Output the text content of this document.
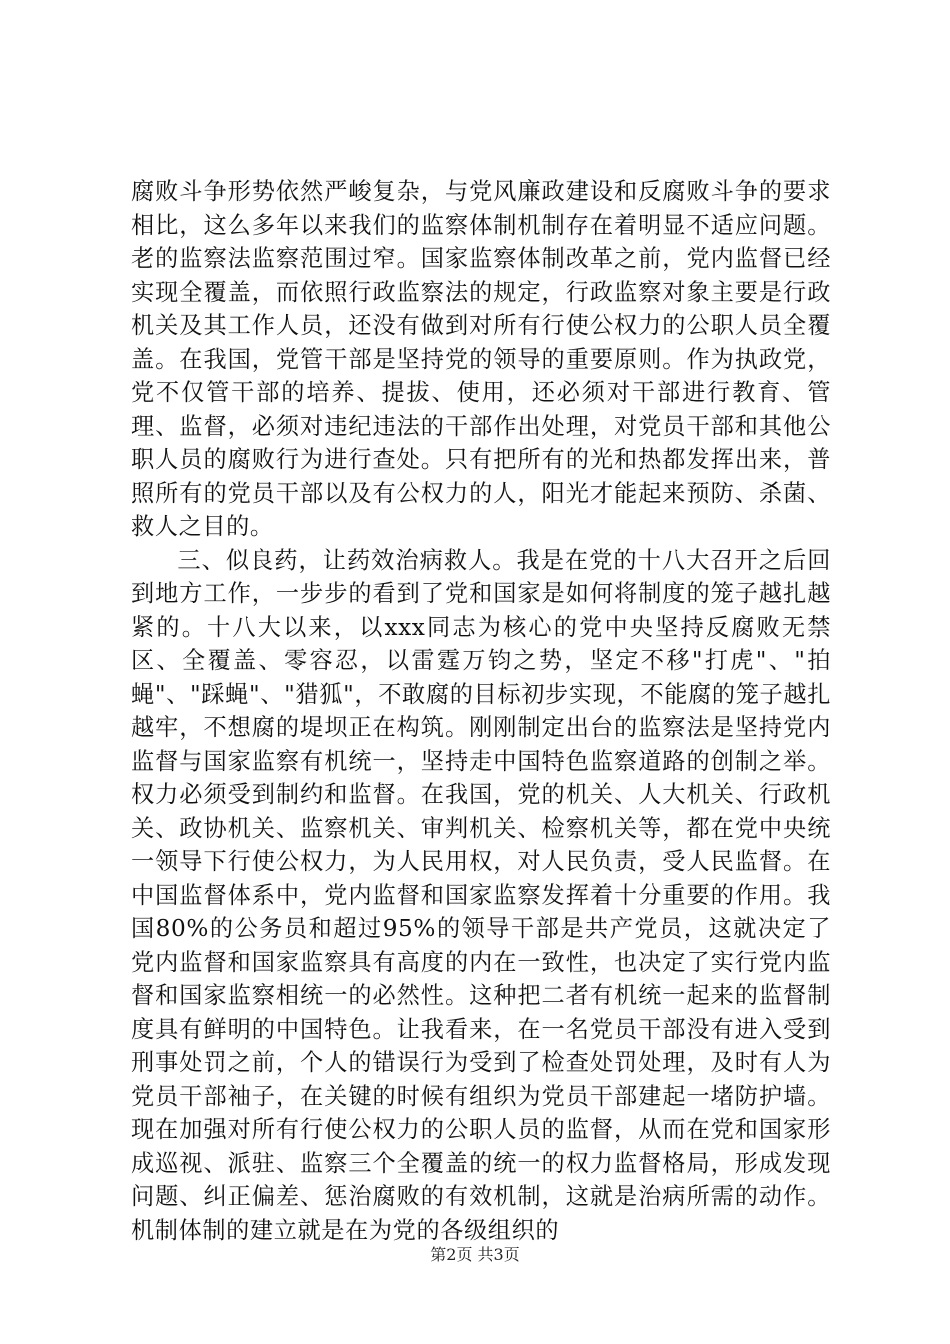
腐败斗争形势依然严峻复杂，与党风廉政建设和反腐败斗争的要求相比，这么多年以来我们的监察体制机制存在着明显不适应问题。老的监察法监察范围过窄。国家监察体制改革之前，党内监督已经实现全覆盖，而依照行政监察法的规定，行政监察对象主要是行政机关及其工作人员，还没有做到对所有行使公权力的公职人员全覆盖。在我国，党管干部是坚持党的领导的重要原则。作为执政党，党不仅管干部的培养、提拔、使用，还必须对干部进行教育、管理、监督，必须对违纪违法的干部作出处理，对党员干部和其他公职人员的腐败行为进行查处。只有把所有的光和热都发挥出来，普照所有的党员干部以及有公权力的人，阳光才能起来预防、杀菌、救人之目的。

三、似良药，让药效治病救人。我是在党的十八大召开之后回到地方工作，一步步的看到了党和国家是如何将制度的笼子越扎越紧的。十八大以来，以xxx同志为核心的党中央坚持反腐败无禁区、全覆盖、零容忍，以雷霆万钧之势，坚定不移"打虎"、"拍蝇"、"踩蝇"、"猎狐"，不敢腐的目标初步实现，不能腐的笼子越扎越牢，不想腐的堤坝正在构筑。刚刚制定出台的监察法是坚持党内监督与国家监察有机统一，坚持走中国特色监察道路的创制之举。权力必须受到制约和监督。在我国，党的机关、人大机关、行政机关、政协机关、监察机关、审判机关、检察机关等，都在党中央统一领导下行使公权力，为人民用权，对人民负责，受人民监督。在中国监督体系中，党内监督和国家监察发挥着十分重要的作用。我国80%的公务员和超过95%的领导干部是共产党员，这就决定了党内监督和国家监察具有高度的内在一致性，也决定了实行党内监督和国家监察相统一的必然性。这种把二者有机统一起来的监督制度具有鲜明的中国特色。让我看来，在一名党员干部没有进入受到刑事处罚之前，个人的错误行为受到了检查处罚处理，及时有人为党员干部袖子，在关键的时候有组织为党员干部建起一堵防护墙。现在加强对所有行使公权力的公职人员的监督，从而在党和国家形成巡视、派驻、监察三个全覆盖的统一的权力监督格局，形成发现问题、纠正偏差、惩治腐败的有效机制，这就是治病所需的动作。机制体制的建立就是在为党的各级组织的

第2页 共3页
